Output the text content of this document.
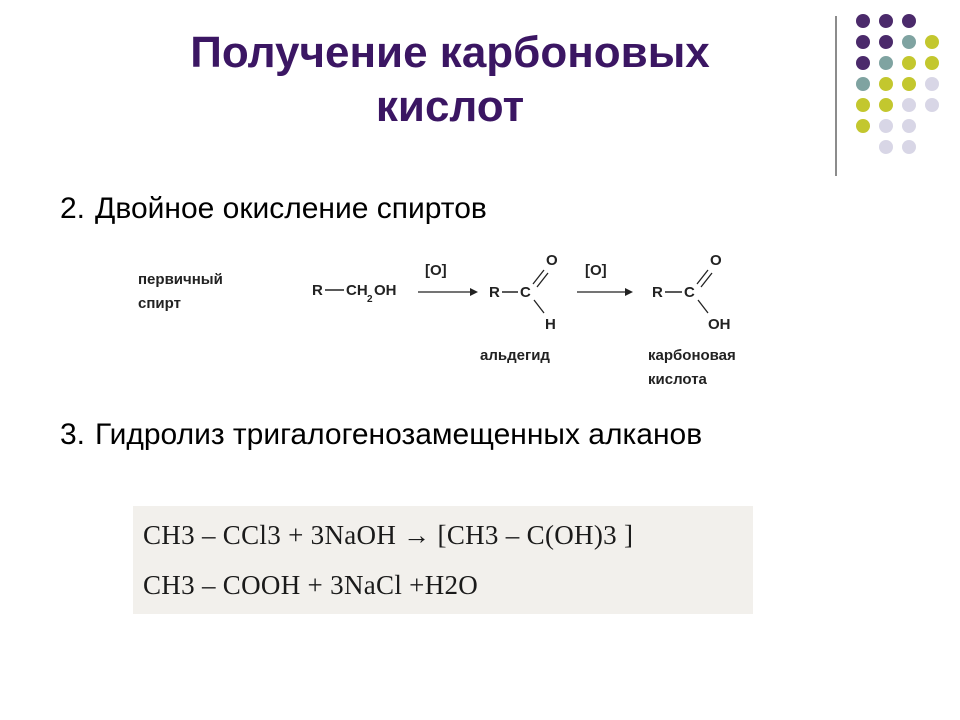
Получение карбоновых
кислот
2. Двойное окисление спиртов
первичный
спирт
R CH
2
OH
[O]
R C
O
H
альдегид
[O]
R C
O
OH
карбоновая
кислота
3. Гидролиз тригалогенозамещенных алканов
CH3 – CCl3 + 3NaOH → [CH3 – C(OH)3 ]
CH3 – COOH + 3NaCl +H2O
